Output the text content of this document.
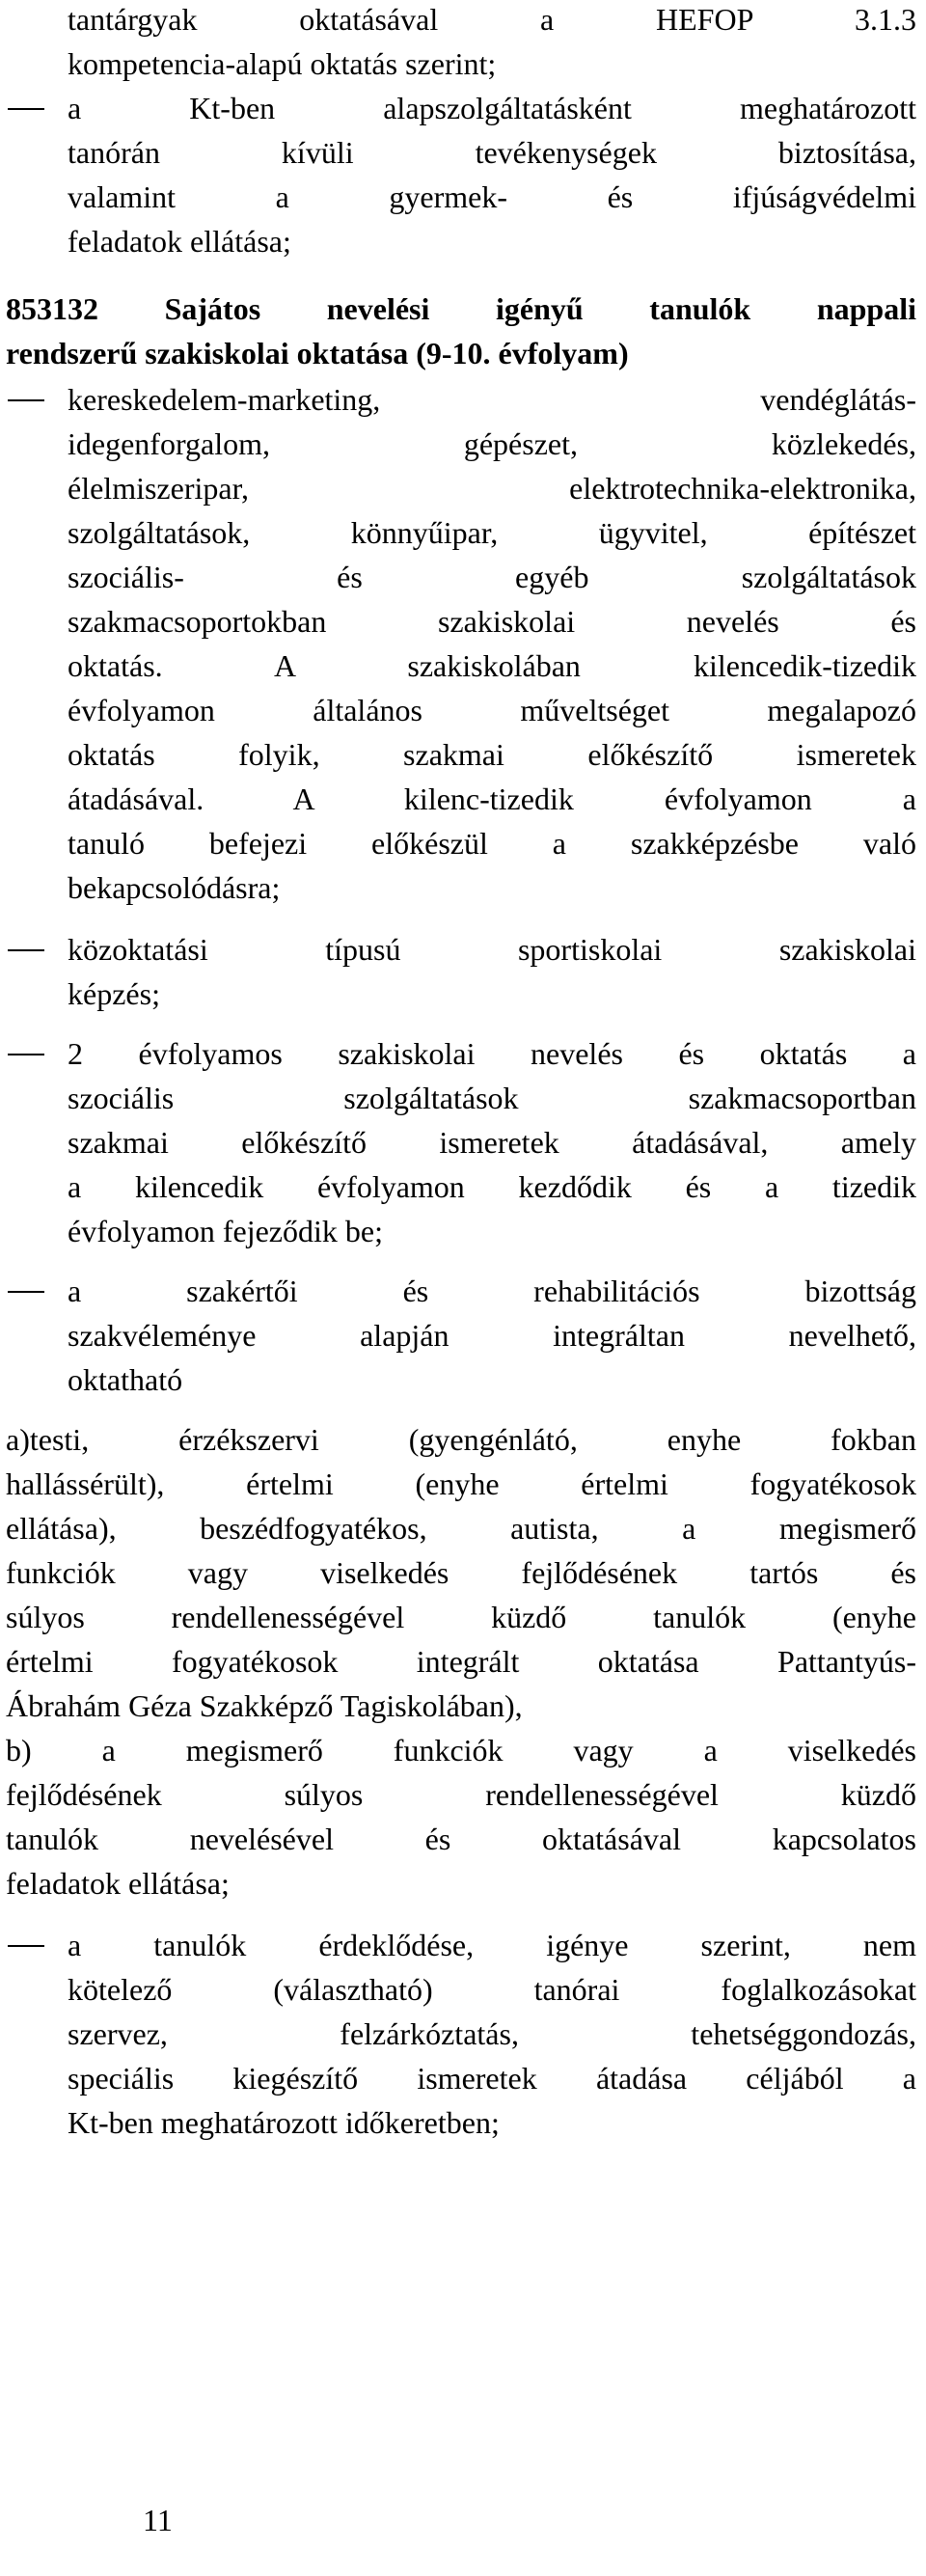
tantárgyak oktatásával a HEFOP 3.1.3
kompetencia-alapú oktatás szerint;
a Kt-ben alapszolgáltatásként meghatározott
tanórán kívüli tevékenységek biztosítása,
valamint a gyermek- és ifjúságvédelmi
feladatok ellátása;
853132 Sajátos nevelési igényű tanulók nappali
rendszerű szakiskolai oktatása (9-10. évfolyam)
kereskedelem-marketing, vendéglátás-
idegenforgalom, gépészet, közlekedés,
élelmiszeripar, elektrotechnika-elektronika,
szolgáltatások, könnyűipar, ügyvitel, építészet
szociális- és egyéb szolgáltatások
szakmacsoportokban szakiskolai nevelés és
oktatás. A szakiskolában kilencedik-tizedik
évfolyamon általános műveltséget megalapozó
oktatás folyik, szakmai előkészítő ismeretek
átadásával. A kilenc-tizedik évfolyamon a
tanuló befejezi előkészül a szakképzésbe való
bekapcsolódásra;
közoktatási típusú sportiskolai szakiskolai
képzés;
2 évfolyamos szakiskolai nevelés és oktatás a
szociális szolgáltatások szakmacsoportban
szakmai előkészítő ismeretek átadásával, amely
a kilencedik évfolyamon kezdődik és a tizedik
évfolyamon fejeződik be;
a szakértői és rehabilitációs bizottság
szakvéleménye alapján integráltan nevelhető,
oktatható
a)testi, érzékszervi (gyengénlátó, enyhe fokban
hallássérült), értelmi (enyhe értelmi fogyatékosok
ellátása), beszédfogyatékos, autista, a megismerő
funkciók vagy viselkedés fejlődésének tartós és
súlyos rendellenességével küzdő tanulók (enyhe
értelmi fogyatékosok integrált oktatása Pattantyús-
Ábrahám Géza Szakképző Tagiskolában),
b) a megismerő funkciók vagy a viselkedés
fejlődésének súlyos rendellenességével küzdő
tanulók nevelésével és oktatásával kapcsolatos
feladatok ellátása;
a tanulók érdeklődése, igénye szerint, nem
kötelező (választható) tanórai foglalkozásokat
szervez, felzárkóztatás, tehetséggondozás,
speciális kiegészítő ismeretek átadása céljából a
Kt-ben meghatározott időkeretben;
11
